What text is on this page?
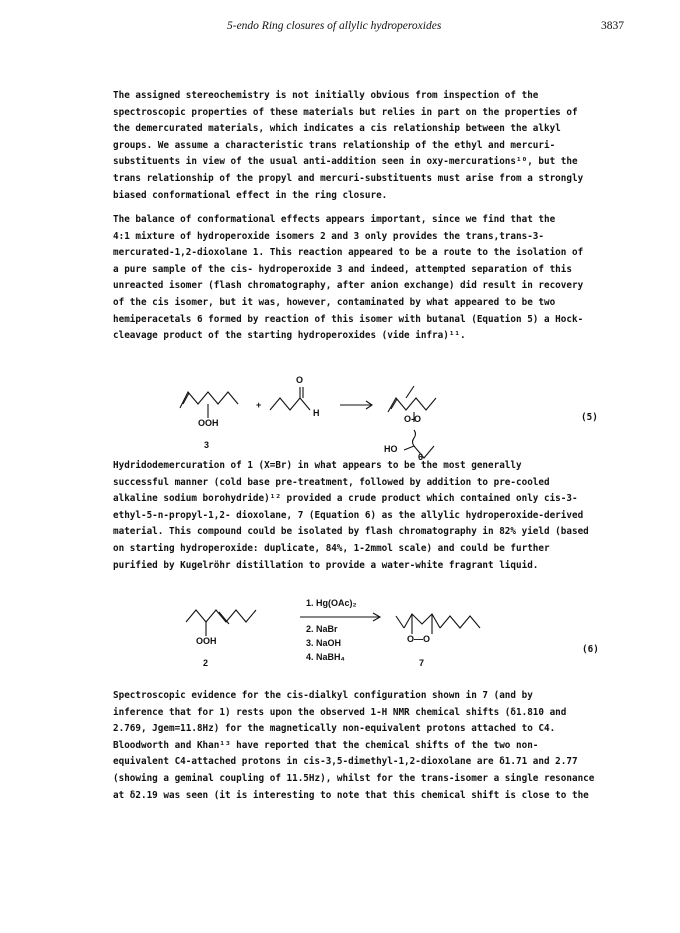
5-endo Ring closures of allylic hydroperoxides	3837

The assigned stereochemistry is not initially obvious from inspection of the

spectroscopic properties of these materials but relies in part on the properties of

the demercurated materials, which indicates a cis relationship between the alkyl

groups. We assume a characteristic trans relationship of the ethyl and mercuri-

substituents in view of the usual anti-addition seen in oxy-mercurations¹⁰, but the

trans relationship of the propyl and mercuri-substituents must arise from a strongly

biased conformational effect in the ring closure.

The balance of conformational effects appears important, since we find that the

4:1 mixture of hydroperoxide isomers 2 and 3 only provides the trans,trans-3-

mercurated-1,2-dioxolane 1. This reaction appeared to be a route to the isolation of

a pure sample of the cis- hydroperoxide 3 and indeed, attempted separation of this

unreacted isomer (flash chromatography, after anion exchange) did result in recovery

of the cis isomer, but it was, however, contaminated by what appeared to be two

hemiperacetals 6 formed by reaction of this isomer with butanal (Equation 5) a Hock-

cleavage product of the starting hydroperoxides (vide infra)¹¹.

OOH
3
+
O
H
O-O
HO
6
(5)

Hydridodemercuration of 1 (X=Br) in what appears to be the most generally

successful manner (cold base pre-treatment, followed by addition to pre-cooled

alkaline sodium borohydride)¹² provided a crude product which contained only cis-3-

ethyl-5-n-propyl-1,2- dioxolane, 7 (Equation 6) as the allylic hydroperoxide-derived

material. This compound could be isolated by flash chromatography in 82% yield (based

on starting hydroperoxide: duplicate, 84%, 1-2mmol scale) and could be further

purified by Kugelröhr distillation to provide a water-white fragrant liquid.

OOH
2
1. Hg(OAc)₂
2. NaBr
3. NaOH
4. NaBH₄
O—O
7
(6)

Spectroscopic evidence for the cis-dialkyl configuration shown in 7 (and by

inference that for 1) rests upon the observed 1-H NMR chemical shifts (δ1.810 and

2.769, Jgem=11.8Hz) for the magnetically non-equivalent protons attached to C4.

Bloodworth and Khan¹³ have reported that the chemical shifts of the two non-

equivalent C4-attached protons in cis-3,5-dimethyl-1,2-dioxolane are δ1.71 and 2.77

(showing a geminal coupling of 11.5Hz), whilst for the trans-isomer a single resonance

at δ2.19 was seen (it is interesting to note that this chemical shift is close to the
